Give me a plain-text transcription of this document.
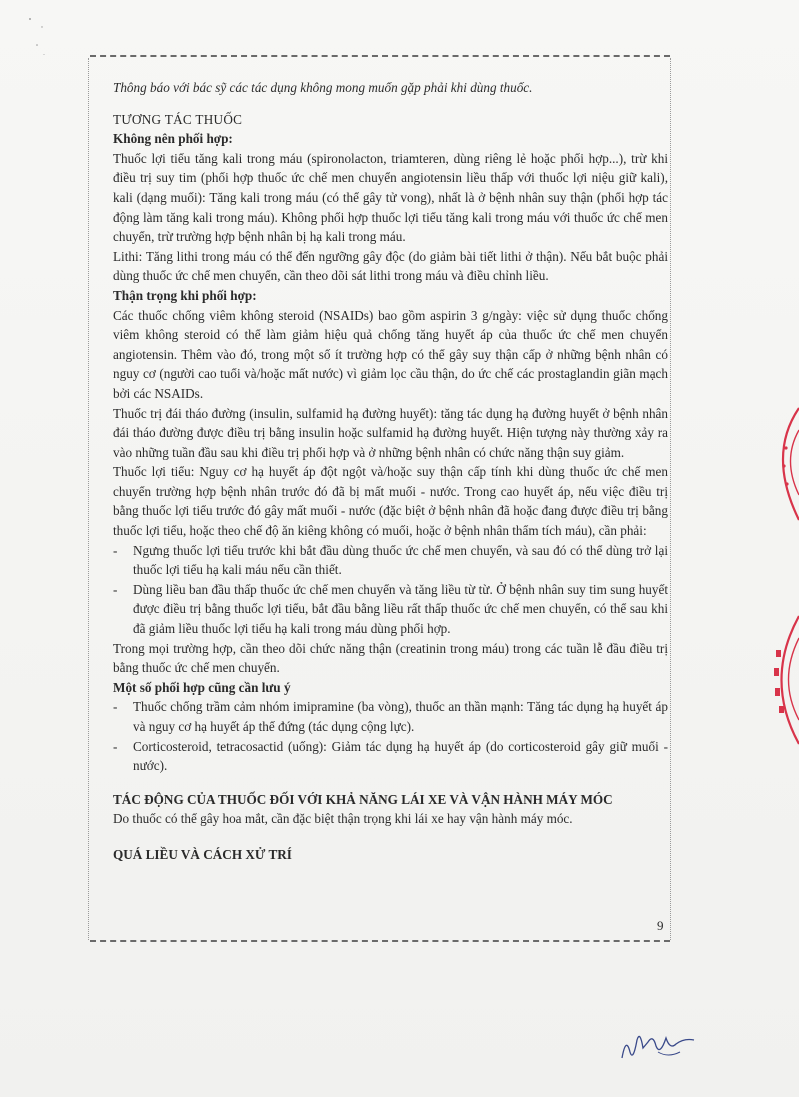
Thông báo với bác sỹ các tác dụng không mong muốn gặp phải khi dùng thuốc.

TƯƠNG TÁC THUỐC

Không nên phối hợp:

Thuốc lợi tiểu tăng kali trong máu (spironolacton, triamteren, dùng riêng lẻ hoặc phối hợp...), trừ khi điều trị suy tim (phối hợp thuốc ức chế men chuyển angiotensin liều thấp với thuốc lợi niệu giữ kali), kali (dạng muối): Tăng kali trong máu (có thể gây tử vong), nhất là ở bệnh nhân suy thận (phối hợp tác động làm tăng kali trong máu). Không phối hợp thuốc lợi tiểu tăng kali trong máu với thuốc ức chế men chuyển, trừ trường hợp bệnh nhân bị hạ kali trong máu.

Lithi: Tăng lithi trong máu có thể đến ngưỡng gây độc (do giảm bài tiết lithi ở thận). Nếu bắt buộc phải dùng thuốc ức chế men chuyển, cần theo dõi sát lithi trong máu và điều chỉnh liều.

Thận trọng khi phối hợp:

Các thuốc chống viêm không steroid (NSAIDs) bao gồm aspirin 3 g/ngày: việc sử dụng thuốc chống viêm không steroid có thể làm giảm hiệu quả chống tăng huyết áp của thuốc ức chế men chuyển angiotensin. Thêm vào đó, trong một số ít trường hợp có thể gây suy thận cấp ở những bệnh nhân có nguy cơ (người cao tuổi và/hoặc mất nước) vì giảm lọc cầu thận, do ức chế các prostaglandin giãn mạch bởi các NSAIDs.

Thuốc trị đái tháo đường (insulin, sulfamid hạ đường huyết): tăng tác dụng hạ đường huyết ở bệnh nhân đái tháo đường được điều trị bằng insulin hoặc sulfamid hạ đường huyết. Hiện tượng này thường xảy ra vào những tuần đầu sau khi điều trị phối hợp và ở những bệnh nhân có chức năng thận suy giảm.

Thuốc lợi tiểu: Nguy cơ hạ huyết áp đột ngột và/hoặc suy thận cấp tính khi dùng thuốc ức chế men chuyển trường hợp bệnh nhân trước đó đã bị mất muối - nước. Trong cao huyết áp, nếu việc điều trị bằng thuốc lợi tiểu trước đó gây mất muối - nước (đặc biệt ở bệnh nhân đã hoặc đang được điều trị bằng thuốc lợi tiểu, hoặc theo chế độ ăn kiêng không có muối, hoặc ở bệnh nhân thẩm tích máu), cần phải:

- Ngưng thuốc lợi tiểu trước khi bắt đầu dùng thuốc ức chế men chuyển, và sau đó có thể dùng trở lại thuốc lợi tiểu hạ kali máu nếu cần thiết.

- Dùng liều ban đầu thấp thuốc ức chế men chuyển và tăng liều từ từ. Ở bệnh nhân suy tim sung huyết được điều trị bằng thuốc lợi tiểu, bắt đầu bằng liều rất thấp thuốc ức chế men chuyển, có thể sau khi đã giảm liều thuốc lợi tiểu hạ kali trong máu dùng phối hợp.

Trong mọi trường hợp, cần theo dõi chức năng thận (creatinin trong máu) trong các tuần lễ đầu điều trị bằng thuốc ức chế men chuyển.

Một số phối hợp cũng cần lưu ý

- Thuốc chống trầm cảm nhóm imipramine (ba vòng), thuốc an thần mạnh: Tăng tác dụng hạ huyết áp và nguy cơ hạ huyết áp thế đứng (tác dụng cộng lực).

- Corticosteroid, tetracosactid (uống): Giảm tác dụng hạ huyết áp (do corticosteroid gây giữ muối - nước).

TÁC ĐỘNG CỦA THUỐC ĐỐI VỚI KHẢ NĂNG LÁI XE VÀ VẬN HÀNH MÁY MÓC

Do thuốc có thể gây hoa mắt, cần đặc biệt thận trọng khi lái xe hay vận hành máy móc.

QUÁ LIỀU VÀ CÁCH XỬ TRÍ

9
